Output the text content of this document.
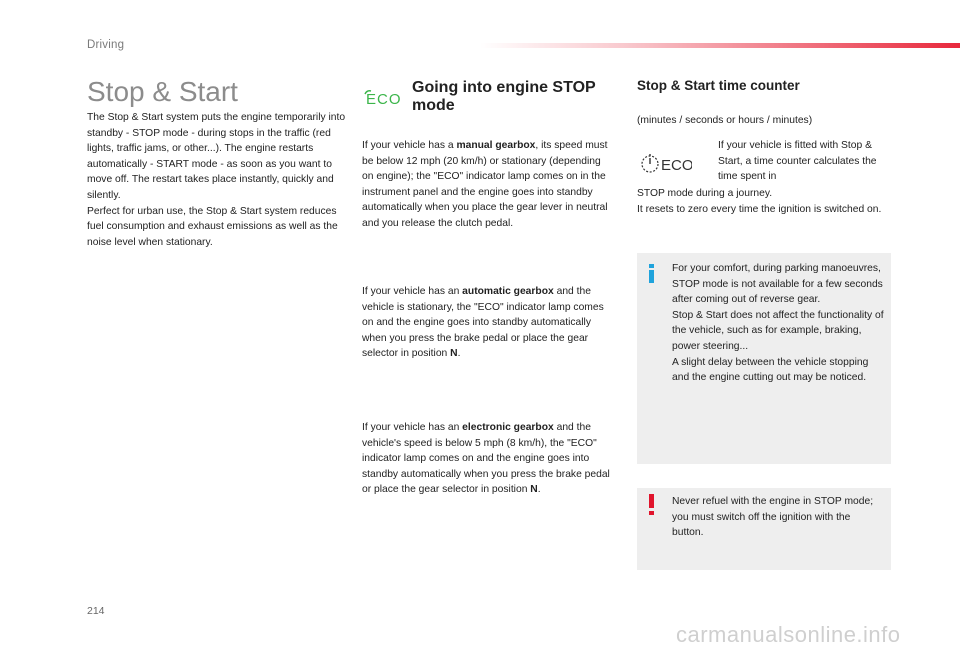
Driving
Stop & Start
The Stop & Start system puts the engine temporarily into standby - STOP mode - during stops in the traffic (red lights, traffic jams, or other...). The engine restarts automatically - START mode - as soon as you want to move off. The restart takes place instantly, quickly and silently.
Perfect for urban use, the Stop & Start system reduces fuel consumption and exhaust emissions as well as the noise level when stationary.
ECO
Going into engine STOP mode
If your vehicle has a manual gearbox, its speed must be below 12 mph (20 km/h) or stationary (depending on engine); the "ECO" indicator lamp comes on in the instrument panel and the engine goes into standby automatically when you place the gear lever in neutral and you release the clutch pedal.
If your vehicle has an automatic gearbox and the vehicle is stationary, the "ECO" indicator lamp comes on and the engine goes into standby automatically when you press the brake pedal or place the gear selector in position N.
If your vehicle has an electronic gearbox and the vehicle's speed is below 5 mph (8 km/h), the "ECO" indicator lamp comes on and the engine goes into standby automatically when you press the brake pedal or place the gear selector in position N.
Stop & Start time counter
(minutes / seconds or hours / minutes)
ECO
If your vehicle is fitted with Stop & Start, a time counter calculates the time spent in
STOP mode during a journey.
It resets to zero every time the ignition is switched on.
For your comfort, during parking manoeuvres, STOP mode is not available for a few seconds after coming out of reverse gear.
Stop & Start does not affect the functionality of the vehicle, such as for example, braking, power steering...
A slight delay between the vehicle stopping and the engine cutting out may be noticed.
Never refuel with the engine in STOP mode; you must switch off the ignition with the button.
214
carmanualsonline.info
